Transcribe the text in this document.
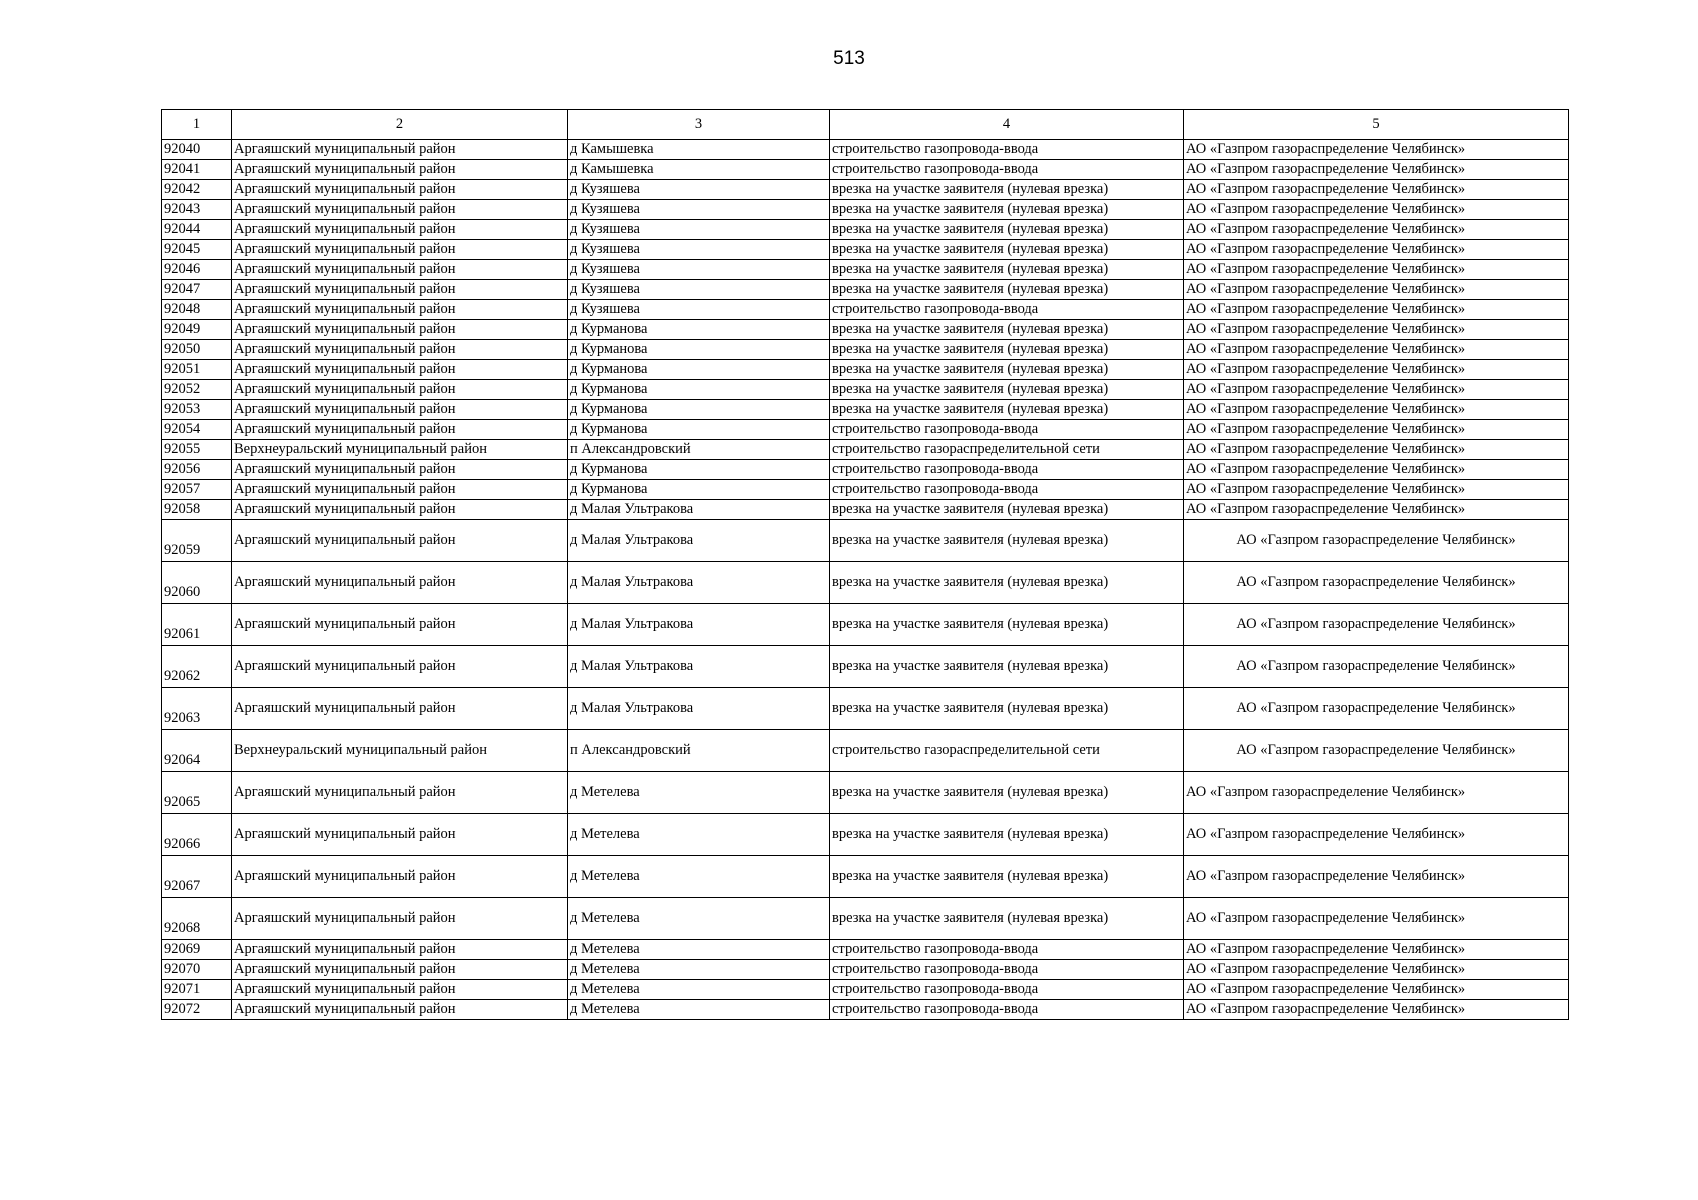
513
1	2	3	4	5
92040	Аргаяшский муниципальный район	д Камышевка	строительство газопровода-ввода	АО «Газпром газораспределение Челябинск»
92041	Аргаяшский муниципальный район	д Камышевка	строительство газопровода-ввода	АО «Газпром газораспределение Челябинск»
92042	Аргаяшский муниципальный район	д Кузяшева	врезка на участке заявителя (нулевая врезка)	АО «Газпром газораспределение Челябинск»
92043	Аргаяшский муниципальный район	д Кузяшева	врезка на участке заявителя (нулевая врезка)	АО «Газпром газораспределение Челябинск»
92044	Аргаяшский муниципальный район	д Кузяшева	врезка на участке заявителя (нулевая врезка)	АО «Газпром газораспределение Челябинск»
92045	Аргаяшский муниципальный район	д Кузяшева	врезка на участке заявителя (нулевая врезка)	АО «Газпром газораспределение Челябинск»
92046	Аргаяшский муниципальный район	д Кузяшева	врезка на участке заявителя (нулевая врезка)	АО «Газпром газораспределение Челябинск»
92047	Аргаяшский муниципальный район	д Кузяшева	врезка на участке заявителя (нулевая врезка)	АО «Газпром газораспределение Челябинск»
92048	Аргаяшский муниципальный район	д Кузяшева	строительство газопровода-ввода	АО «Газпром газораспределение Челябинск»
92049	Аргаяшский муниципальный район	д Курманова	врезка на участке заявителя (нулевая врезка)	АО «Газпром газораспределение Челябинск»
92050	Аргаяшский муниципальный район	д Курманова	врезка на участке заявителя (нулевая врезка)	АО «Газпром газораспределение Челябинск»
92051	Аргаяшский муниципальный район	д Курманова	врезка на участке заявителя (нулевая врезка)	АО «Газпром газораспределение Челябинск»
92052	Аргаяшский муниципальный район	д Курманова	врезка на участке заявителя (нулевая врезка)	АО «Газпром газораспределение Челябинск»
92053	Аргаяшский муниципальный район	д Курманова	врезка на участке заявителя (нулевая врезка)	АО «Газпром газораспределение Челябинск»
92054	Аргаяшский муниципальный район	д Курманова	строительство газопровода-ввода	АО «Газпром газораспределение Челябинск»
92055	Верхнеуральский муниципальный район	п Александровский	строительство газораспределительной сети	АО «Газпром газораспределение Челябинск»
92056	Аргаяшский муниципальный район	д Курманова	строительство газопровода-ввода	АО «Газпром газораспределение Челябинск»
92057	Аргаяшский муниципальный район	д Курманова	строительство газопровода-ввода	АО «Газпром газораспределение Челябинск»
92058	Аргаяшский муниципальный район	д Малая Ультракова	врезка на участке заявителя (нулевая врезка)	АО «Газпром газораспределение Челябинск»
92059	Аргаяшский муниципальный район	д Малая Ультракова	врезка на участке заявителя (нулевая врезка)	АО «Газпром газораспределение Челябинск»
92060	Аргаяшский муниципальный район	д Малая Ультракова	врезка на участке заявителя (нулевая врезка)	АО «Газпром газораспределение Челябинск»
92061	Аргаяшский муниципальный район	д Малая Ультракова	врезка на участке заявителя (нулевая врезка)	АО «Газпром газораспределение Челябинск»
92062	Аргаяшский муниципальный район	д Малая Ультракова	врезка на участке заявителя (нулевая врезка)	АО «Газпром газораспределение Челябинск»
92063	Аргаяшский муниципальный район	д Малая Ультракова	врезка на участке заявителя (нулевая врезка)	АО «Газпром газораспределение Челябинск»
92064	Верхнеуральский муниципальный район	п Александровский	строительство газораспределительной сети	АО «Газпром газораспределение Челябинск»
92065	Аргаяшский муниципальный район	д Метелева	врезка на участке заявителя (нулевая врезка)	АО «Газпром газораспределение Челябинск»
92066	Аргаяшский муниципальный район	д Метелева	врезка на участке заявителя (нулевая врезка)	АО «Газпром газораспределение Челябинск»
92067	Аргаяшский муниципальный район	д Метелева	врезка на участке заявителя (нулевая врезка)	АО «Газпром газораспределение Челябинск»
92068	Аргаяшский муниципальный район	д Метелева	врезка на участке заявителя (нулевая врезка)	АО «Газпром газораспределение Челябинск»
92069	Аргаяшский муниципальный район	д Метелева	строительство газопровода-ввода	АО «Газпром газораспределение Челябинск»
92070	Аргаяшский муниципальный район	д Метелева	строительство газопровода-ввода	АО «Газпром газораспределение Челябинск»
92071	Аргаяшский муниципальный район	д Метелева	строительство газопровода-ввода	АО «Газпром газораспределение Челябинск»
92072	Аргаяшский муниципальный район	д Метелева	строительство газопровода-ввода	АО «Газпром газораспределение Челябинск»
